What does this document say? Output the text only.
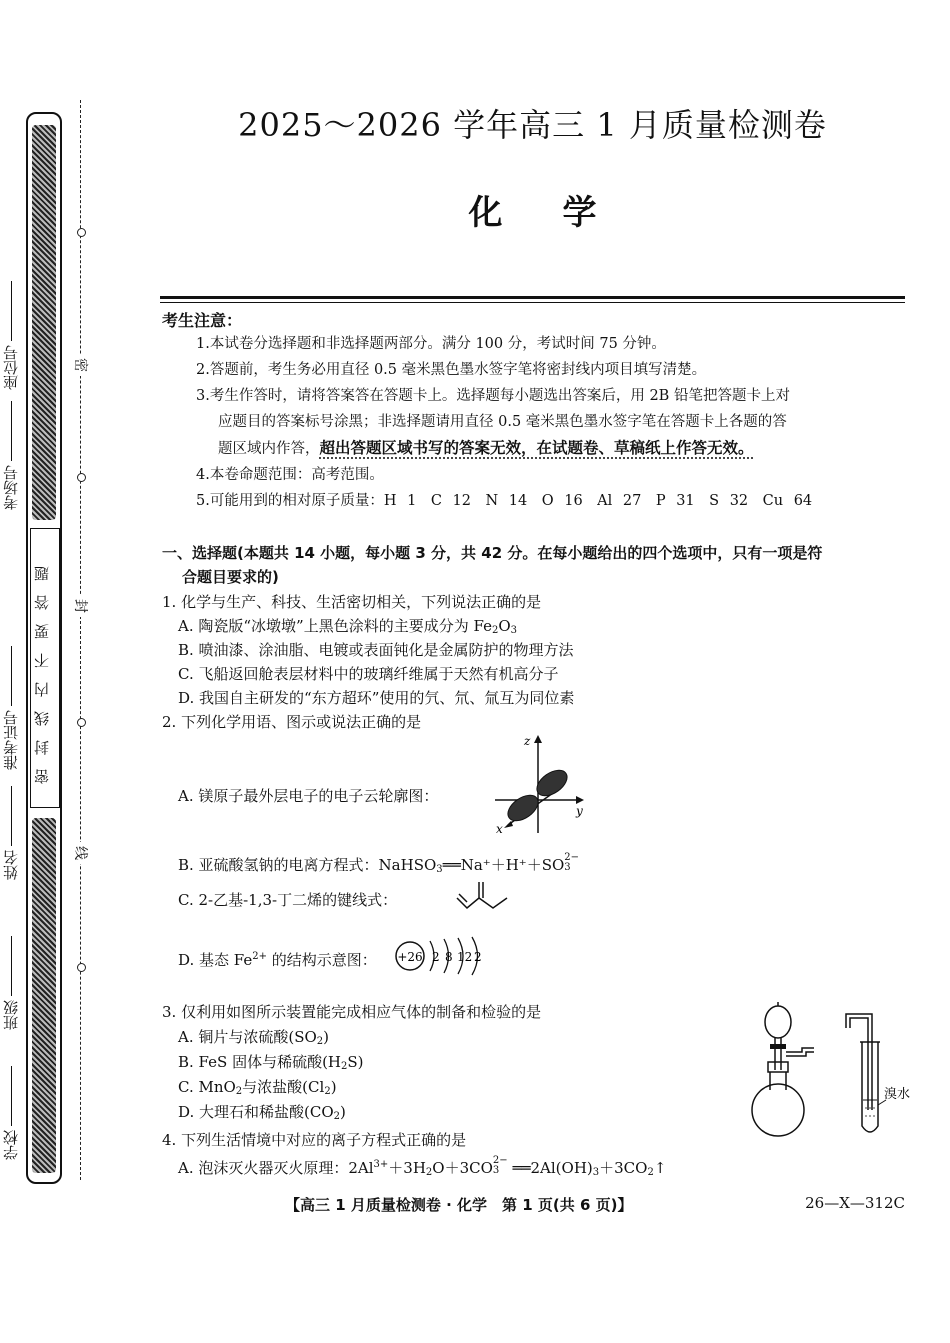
学校
班级
姓名
准考证号
考场号
座位号
密封线内不要答题
密
封
线
2025～2026 学年高三 1 月质量检测卷
化学
考生注意：
1.本试卷分选择题和非选择题两部分。满分 100 分，考试时间 75 分钟。
2.答题前，考生务必用直径 0.5 毫米黑色墨水签字笔将密封线内项目填写清楚。
3.考生作答时，请将答案答在答题卡上。选择题每小题选出答案后，用 2B 铅笔把答题卡上对
应题目的答案标号涂黑；非选择题请用直径 0.5 毫米黑色墨水签字笔在答题卡上各题的答
题区域内作答，超出答题区域书写的答案无效，在试题卷、草稿纸上作答无效。
4.本卷命题范围：高考范围。
5.可能用到的相对原子质量：H 1　C 12　N 14　O 16　Al 27　P 31　S 32　Cu 64
一、选择题(本题共 14 小题，每小题 3 分，共 42 分。在每小题给出的四个选项中，只有一项是符
合题目要求的)
1. 化学与生产、科技、生活密切相关，下列说法正确的是
A. 陶瓷版“冰墩墩”上黑色涂料的主要成分为 $Fe_2O_3$
B. 喷油漆、涂油脂、电镀或表面钝化是金属防护的物理方法
C. 飞船返回舱表层材料中的玻璃纤维属于天然有机高分子
D. 我国自主研发的“东方超环”使用的氕、氘、氚互为同位素
2. 下列化学用语、图示或说法正确的是
A. 镁原子最外层电子的电子云轮廓图：
z
y
x
B. 亚硫酸氢钠的电离方程式：NaHSO$_3$══Na⁺＋H⁺＋SO 2−
3
C. 2-乙基-1,3-丁二烯的键线式：
D. 基态 $Fe^{2+}$ 的结构示意图： +26 2 8 12 2
3. 仅利用如图所示装置能完成相应气体的制备和检验的是
A. 铜片与浓硫酸$(SO_2)$
B. FeS 固体与稀硫酸$(H_2S)$
C. MnO$_2$与浓盐酸$(Cl_2)$
D. 大理石和稀盐酸$(CO_2)$
溴水
4. 下列生活情境中对应的离子方程式正确的是
A. 泡沫灭火器灭火原理：$2Al^{3+}+3H_2O+3CO$ 2−
3 $══2Al(OH)_3+3CO_2↑$
【高三 1 月质量检测卷 · 化学　第 1 页(共 6 页)】	26—X—312C
